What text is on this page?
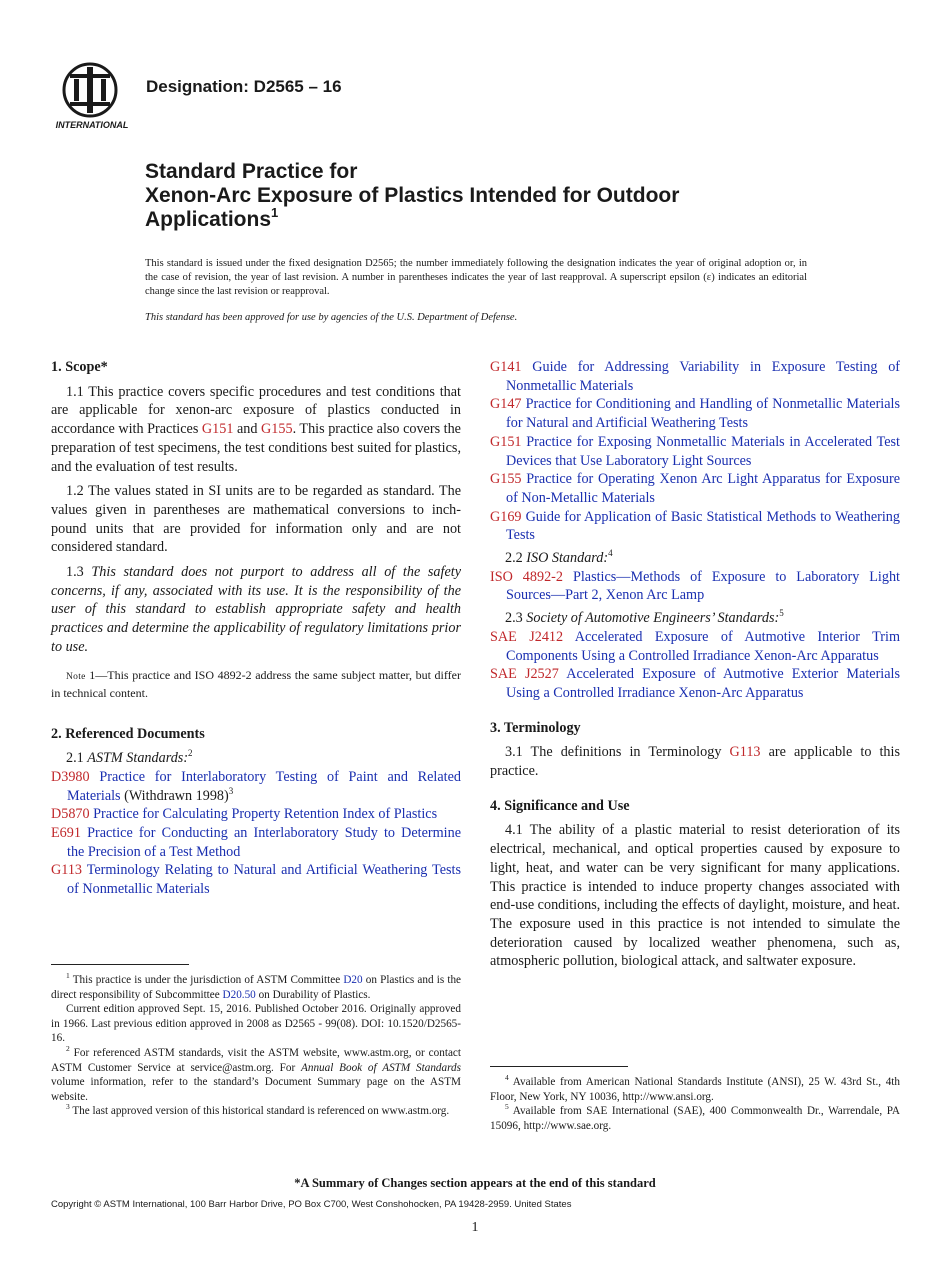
INTERNATIONAL
Designation: D2565 – 16
Standard Practice for
Xenon-Arc Exposure of Plastics Intended for Outdoor
Applications$^1$
This standard is issued under the fixed designation D2565; the number immediately following the designation indicates the year of original adoption or, in the case of revision, the year of last revision. A number in parentheses indicates the year of last reapproval. A superscript epsilon (ε) indicates an editorial change since the last revision or reapproval.
This standard has been approved for use by agencies of the U.S. Department of Defense.
1. Scope*

1.1 This practice covers specific procedures and test conditions that are applicable for xenon-arc exposure of plastics conducted in accordance with Practices G151 and G155. This practice also covers the preparation of test specimens, the test conditions best suited for plastics, and the evaluation of test results.

1.2 The values stated in SI units are to be regarded as standard. The values given in parentheses are mathematical conversions to inch-pound units that are provided for information only and are not considered standard.

1.3 This standard does not purport to address all of the safety concerns, if any, associated with its use. It is the responsibility of the user of this standard to establish appropriate safety and health practices and determine the applicability of regulatory limitations prior to use.

Note 1—This practice and ISO 4892-2 address the same subject matter, but differ in technical content.

2. Referenced Documents
2.1 ASTM Standards:$^2$
D3980 Practice for Interlaboratory Testing of Paint and Related Materials (Withdrawn 1998)$^3$
D5870 Practice for Calculating Property Retention Index of Plastics
E691 Practice for Conducting an Interlaboratory Study to Determine the Precision of a Test Method
G113 Terminology Relating to Natural and Artificial Weathering Tests of Nonmetallic Materials

$^1$ This practice is under the jurisdiction of ASTM Committee D20 on Plastics and is the direct responsibility of Subcommittee D20.50 on Durability of Plastics.

Current edition approved Sept. 15, 2016. Published October 2016. Originally approved in 1966. Last previous edition approved in 2008 as D2565 - 99(08). DOI: 10.1520/D2565-16.

$^2$ For referenced ASTM standards, visit the ASTM website, www.astm.org, or contact ASTM Customer Service at service@astm.org. For Annual Book of ASTM Standards volume information, refer to the standard’s Document Summary page on the ASTM website.

$^3$ The last approved version of this historical standard is referenced on www.astm.org.

G141 Guide for Addressing Variability in Exposure Testing of Nonmetallic Materials
G147 Practice for Conditioning and Handling of Nonmetallic Materials for Natural and Artificial Weathering Tests
G151 Practice for Exposing Nonmetallic Materials in Accelerated Test Devices that Use Laboratory Light Sources
G155 Practice for Operating Xenon Arc Light Apparatus for Exposure of Non-Metallic Materials
G169 Guide for Application of Basic Statistical Methods to Weathering Tests
2.2 ISO Standard:$^4$
ISO 4892-2 Plastics—Methods of Exposure to Laboratory Light Sources—Part 2, Xenon Arc Lamp
2.3 Society of Automotive Engineers’ Standards:$^5$
SAE J2412 Accelerated Exposure of Autmotive Interior Trim Components Using a Controlled Irradiance Xenon-Arc Apparatus
SAE J2527 Accelerated Exposure of Autmotive Exterior Materials Using a Controlled Irradiance Xenon-Arc Apparatus
3. Terminology

3.1 The definitions in Terminology G113 are applicable to this practice.

4. Significance and Use

4.1 The ability of a plastic material to resist deterioration of its electrical, mechanical, and optical properties caused by exposure to light, heat, and water can be very significant for many applications. This practice is intended to induce property changes associated with end-use conditions, including the effects of daylight, moisture, and heat. The exposure used in this practice is not intended to simulate the deterioration caused by localized weather phenomena, such as, atmospheric pollution, biological attack, and saltwater exposure.

$^4$ Available from American National Standards Institute (ANSI), 25 W. 43rd St., 4th Floor, New York, NY 10036, http://www.ansi.org.

$^5$ Available from SAE International (SAE), 400 Commonwealth Dr., Warrendale, PA 15096, http://www.sae.org.

*A Summary of Changes section appears at the end of this standard
Copyright © ASTM International, 100 Barr Harbor Drive, PO Box C700, West Conshohocken, PA 19428-2959. United States
1
